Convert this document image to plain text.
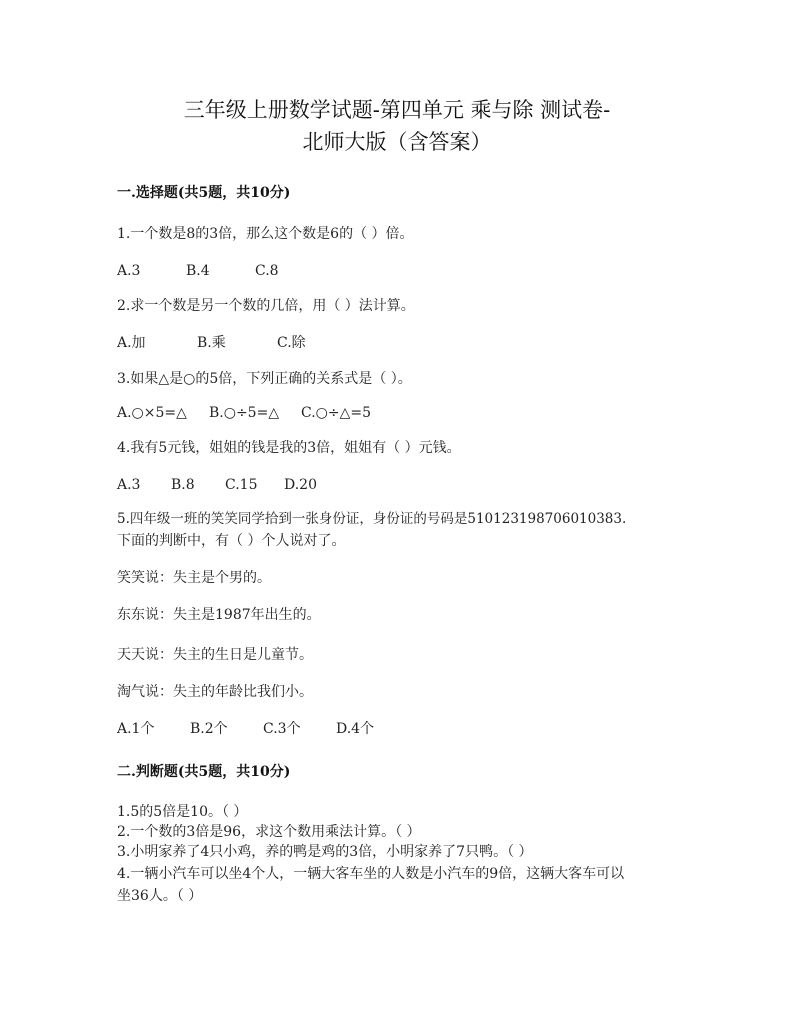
三年级上册数学试题-第四单元 乘与除 测试卷-
北师大版（含答案）
一.选择题(共5题，共10分)
1.一个数是8的3倍，那么这个数是6的（ ）倍。
A.3	B.4	C.8
2.求一个数是另一个数的几倍，用（ ）法计算。
A.加	B.乘	C.除
3.如果△是○的5倍，下列正确的关系式是（ ）。
A.○×5=△ B.○÷5=△ C.○÷△=5
4.我有5元钱，姐姐的钱是我的3倍，姐姐有（ ）元钱。
A.3 B.8 C.15 D.20
5.四年级一班的笑笑同学拾到一张身份证，身份证的号码是510123198706010383.
下面的判断中，有（ ）个人说对了。
笑笑说：失主是个男的。
东东说：失主是1987年出生的。
天天说：失主的生日是儿童节。
淘气说：失主的年龄比我们小。
A.1个	B.2个	C.3个	D.4个
二.判断题(共5题，共10分)
1.5的5倍是10。（ ）
2.一个数的3倍是96，求这个数用乘法计算。（ ）
3.小明家养了4只小鸡，养的鸭是鸡的3倍，小明家养了7只鸭。（ ）
4.一辆小汽车可以坐4个人，一辆大客车坐的人数是小汽车的9倍，这辆大客车可以
坐36人。（ ）
